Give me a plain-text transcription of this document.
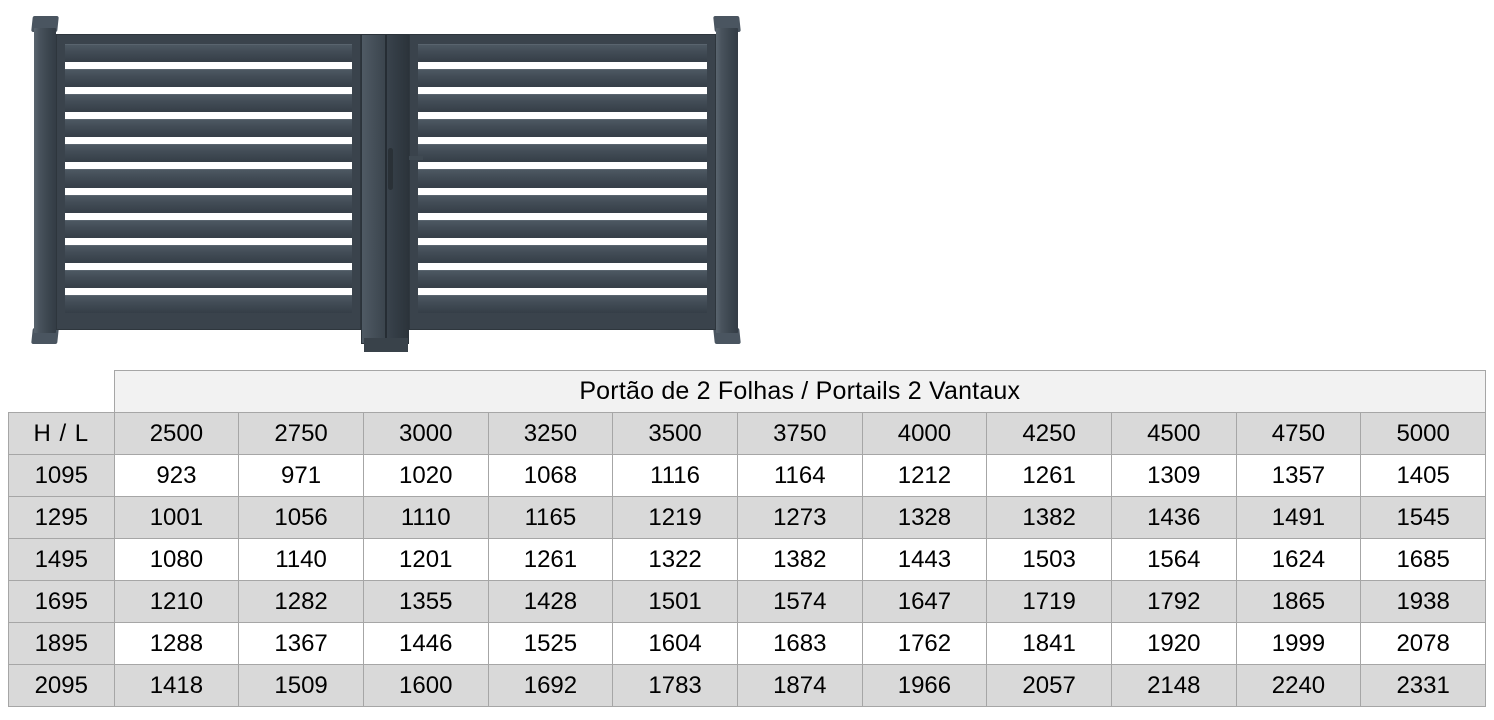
	Portão de 2 Folhas / Portails 2 Vantaux										
H / L	2500	2750	3000	3250	3500	3750	4000	4250	4500	4750	5000
1095	923	971	1020	1068	1116	1164	1212	1261	1309	1357	1405
1295	1001	1056	1110	1165	1219	1273	1328	1382	1436	1491	1545
1495	1080	1140	1201	1261	1322	1382	1443	1503	1564	1624	1685
1695	1210	1282	1355	1428	1501	1574	1647	1719	1792	1865	1938
1895	1288	1367	1446	1525	1604	1683	1762	1841	1920	1999	2078
2095	1418	1509	1600	1692	1783	1874	1966	2057	2148	2240	2331
